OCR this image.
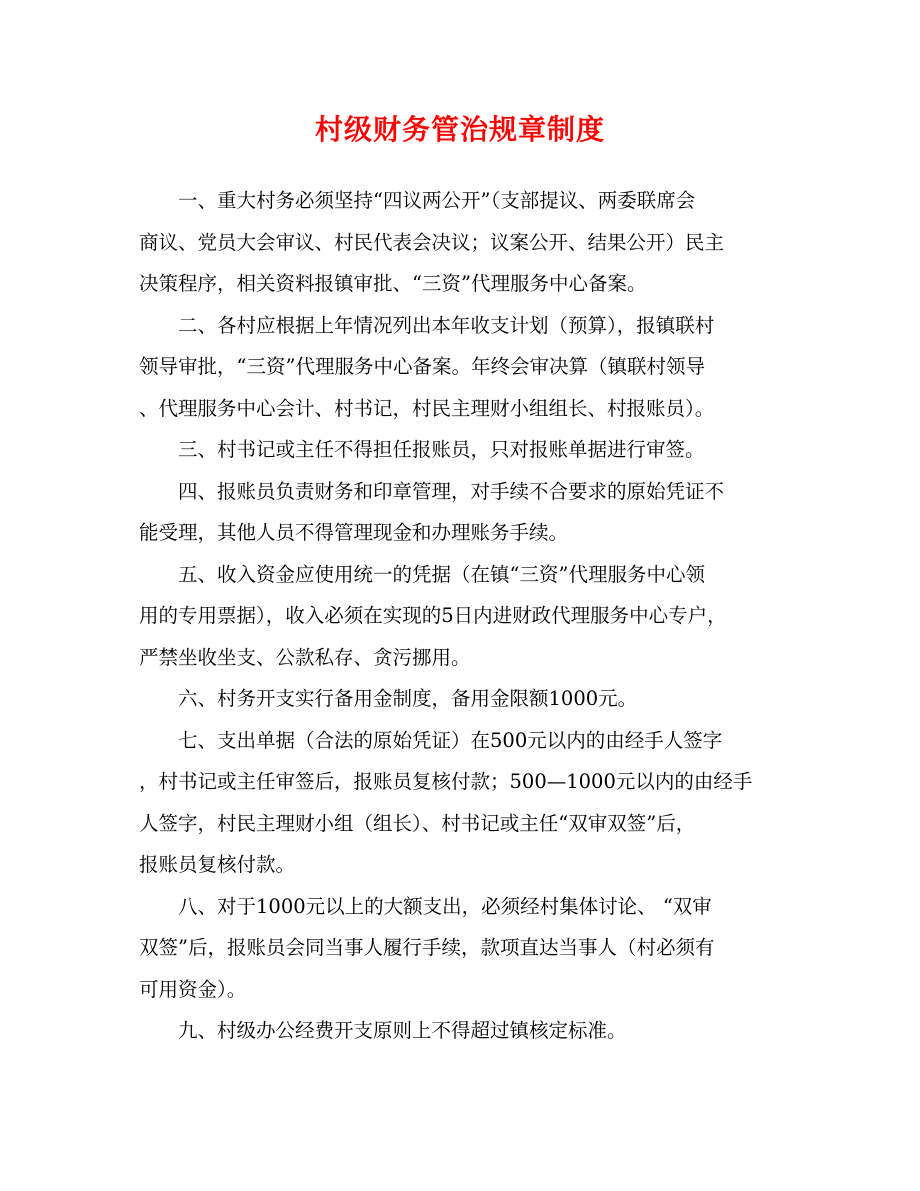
村级财务管治规章制度
一、重大村务必须坚持“四议两公开”（支部提议、两委联席会
商议、党员大会审议、村民代表会决议；议案公开、结果公开）民主
决策程序，相关资料报镇审批、“三资”代理服务中心备案。
二、各村应根据上年情况列出本年收支计划（预算），报镇联村
领导审批，“三资”代理服务中心备案。年终会审决算（镇联村领导
、代理服务中心会计、村书记，村民主理财小组组长、村报账员）。
三、村书记或主任不得担任报账员，只对报账单据进行审签。
四、报账员负责财务和印章管理，对手续不合要求的原始凭证不
能受理，其他人员不得管理现金和办理账务手续。
五、收入资金应使用统一的凭据（在镇“三资”代理服务中心领
用的专用票据），收入必须在实现的5日内进财政代理服务中心专户，
严禁坐收坐支、公款私存、贪污挪用。
六、村务开支实行备用金制度，备用金限额1000元。
七、支出单据（合法的原始凭证）在500元以内的由经手人签字
，村书记或主任审签后，报账员复核付款；500—1000元以内的由经手
人签字，村民主理财小组（组长）、村书记或主任“双审双签”后，
报账员复核付款。
八、对于1000元以上的大额支出，必须经村集体讨论、 “双审
双签”后，报账员会同当事人履行手续，款项直达当事人（村必须有
可用资金）。
九、村级办公经费开支原则上不得超过镇核定标准。
